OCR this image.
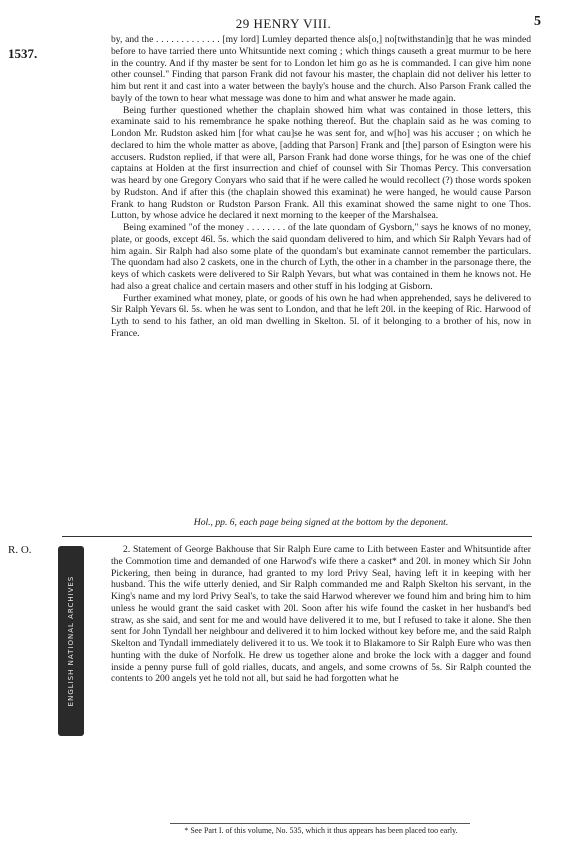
29 HENRY VIII.	5
1537.

by, and the . . . . . . . . . . . . . [my lord] Lumley departed thence als[o,] no[twithstandin]g that he was minded before to have tarried there unto Whitsuntide next coming ; which things causeth a great murmur to be here in the country. And if thy master be sent for to London let him go as he is commanded. I can give him none other counsel." Finding that parson Frank did not favour his master, the chaplain did not deliver his letter to him but rent it and cast into a water between the bayly's house and the church. Also Parson Frank called the bayly of the town to hear what message was done to him and what answer he made again.

Being further questioned whether the chaplain showed him what was contained in those letters, this examinate said to his remembrance he spake nothing thereof. But the chaplain said as he was coming to London Mr. Rudston asked him [for what cau]se he was sent for, and w[ho] was his accuser ; on which he declared to him the whole matter as above, [adding that Parson] Frank and [the] parson of Esington were his accusers. Rudston replied, if that were all, Parson Frank had done worse things, for he was one of the chief captains at Holden at the first insurrection and chief of counsel with Sir Thomas Percy. This conversation was heard by one Gregory Conyars who said that if he were called he would recollect (?) those words spoken by Rudston. And if after this (the chaplain showed this examinat) he were hanged, he would cause Parson Frank to hang Rudston or Rudston Parson Frank. All this examinat showed the same night to one Thos. Lutton, by whose advice he declared it next morning to the keeper of the Marshalsea.

Being examined "of the money . . . . . . . . of the late quondam of Gysborn," says he knows of no money, plate, or goods, except 46l. 5s. which the said quondam delivered to him, and which Sir Ralph Yevars had of him again. Sir Ralph had also some plate of the quondam's but examinate cannot remember the particulars. The quondam had also 2 caskets, one in the church of Lyth, the other in a chamber in the parsonage there, the keys of which caskets were delivered to Sir Ralph Yevars, but what was contained in them he knows not. He had also a great chalice and certain masers and other stuff in his lodging at Gisborn.

Further examined what money, plate, or goods of his own he had when apprehended, says he delivered to Sir Ralph Yevars 6l. 5s. when he was sent to London, and that he left 20l. in the keeping of Ric. Harwood of Lyth to send to his father, an old man dwelling in Skelton. 5l. of it belonging to a brother of his, now in France.

Hol., pp. 6, each page being signed at the bottom by the deponent.
R. O.
ENGLISH NATIONAL ARCHIVES

2. Statement of George Bakhouse that Sir Ralph Eure came to Lith between Easter and Whitsuntide after the Commotion time and demanded of one Harwod's wife there a casket* and 20l. in money which Sir John Pickering, then being in durance, had granted to my lord Privy Seal, having left it in keeping with her husband. This the wife utterly denied, and Sir Ralph commanded me and Ralph Skelton his servant, in the King's name and my lord Privy Seal's, to take the said Harwod wherever we found him and bring him to him unless he would grant the said casket with 20l. Soon after his wife found the casket in her husband's bed straw, as she said, and sent for me and would have delivered it to me, but I refused to take it alone. She then sent for John Tyndall her neighbour and delivered it to him locked without key before me, and the said Ralph Skelton and Tyndall immediately delivered it to us. We took it to Blakamore to Sir Ralph Eure who was then hunting with the duke of Norfolk. He drew us together alone and broke the lock with a dagger and found inside a penny purse full of gold rialles, ducats, and angels, and some crowns of 5s. Sir Ralph counted the contents to 200 angels yet he told not all, but said he had forgotten what he

* See Part I. of this volume, No. 535, which it thus appears has been placed too early.
